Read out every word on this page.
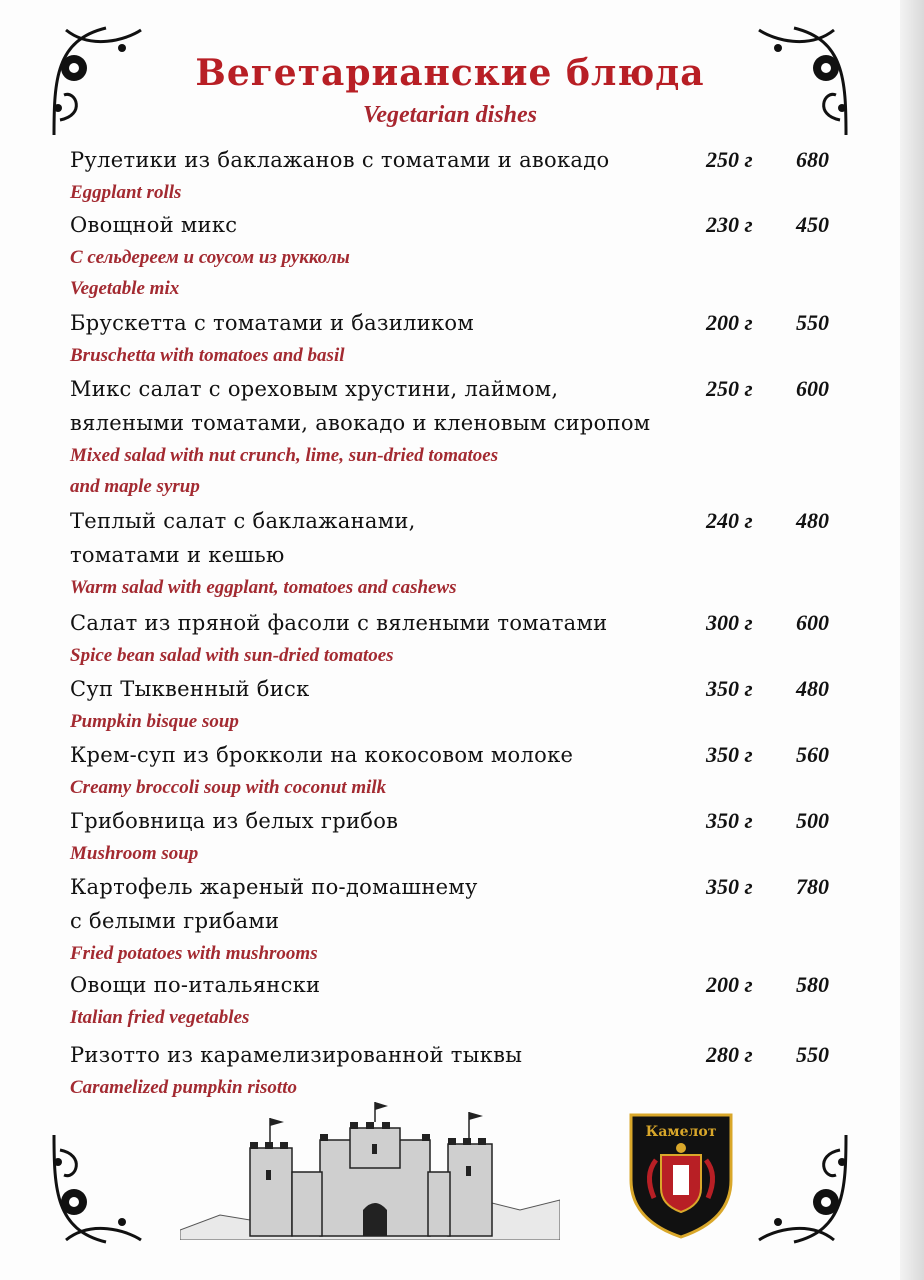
Вегетарианские блюда
Vegetarian dishes
Рулетики из баклажанов с томатами и авокадо
Eggplant rolls
250 г 680
Овощной микс
С сельдереем и соусом из рукколы
Vegetable mix
230 г 450
Брускетта с томатами и базиликом
Bruschetta with tomatoes and basil
200 г 550
Микс салат с ореховым хрустини, лаймом,
вялеными томатами, авокадо и кленовым сиропом
Mixed salad with nut crunch, lime, sun-dried tomatoes
and maple syrup
250 г 600
Теплый салат с баклажанами,
томатами и кешью
Warm salad with eggplant, tomatoes and cashews
240 г 480
Салат из пряной фасоли с вялеными томатами
Spice bean salad with sun-dried tomatoes
300 г 600
Суп Тыквенный биск
Pumpkin bisque soup
350 г 480
Крем-суп из брокколи на кокосовом молоке
Creamy broccoli soup with coconut milk
350 г 560
Грибовница из белых грибов
Mushroom soup
350 г 500
Картофель жареный по-домашнему
с белыми грибами
Fried potatoes with mushrooms
350 г 780
Овощи по-итальянски
Italian fried vegetables
200 г 580
Ризотто из карамелизированной тыквы
Caramelized pumpkin risotto
280 г 550
Камелот
